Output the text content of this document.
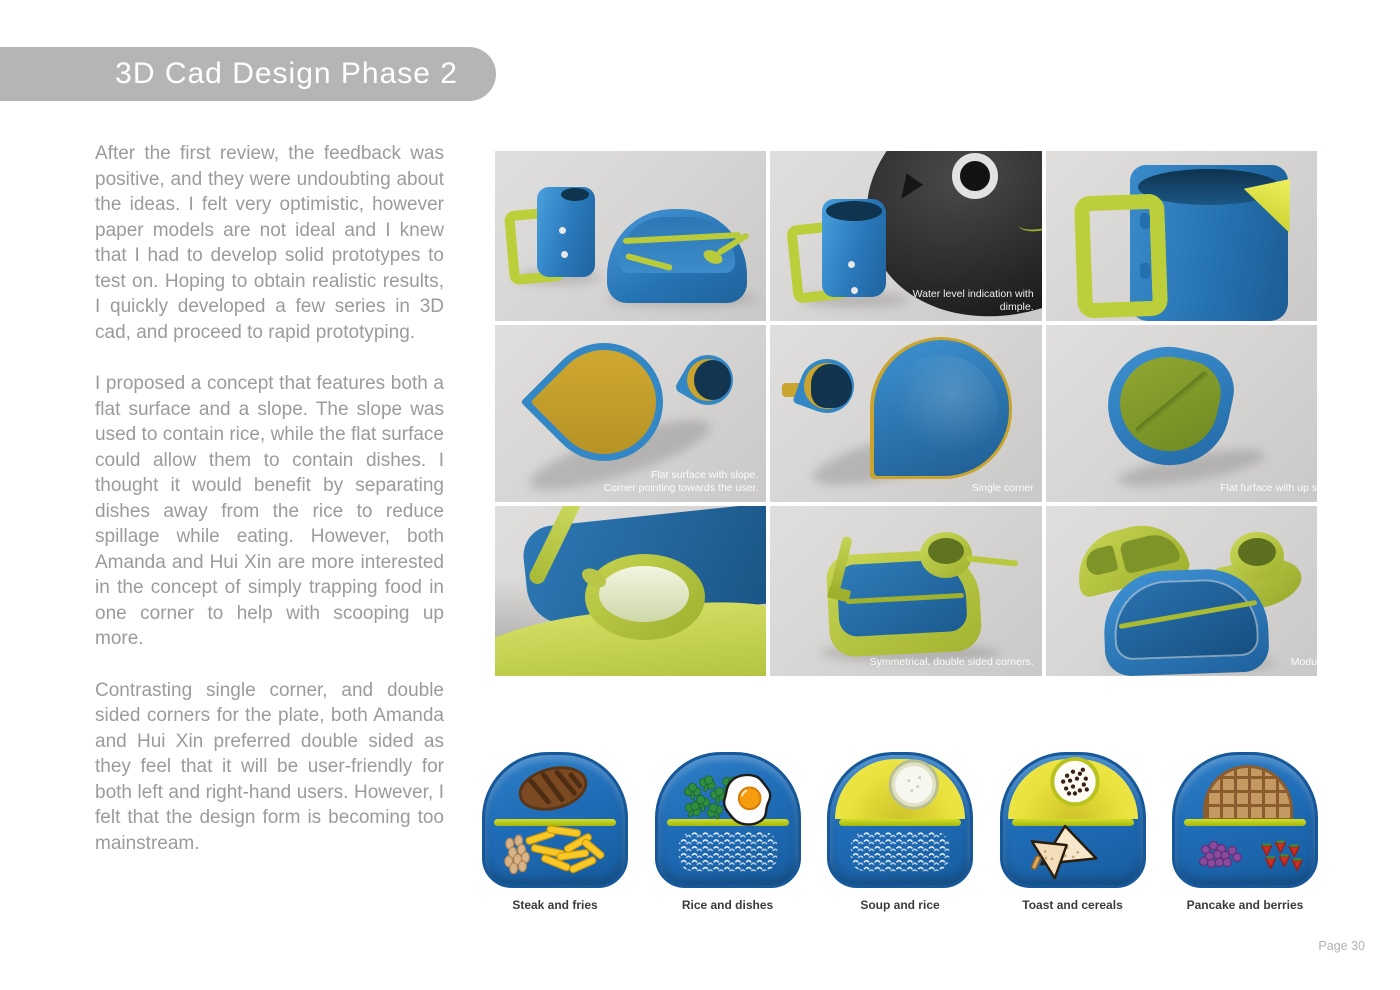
3D Cad Design Phase 2

After the first review, the feedback was positive, and they were undoubting about the ideas. I felt very optimistic, however paper models are not ideal and I knew that I had to develop solid prototypes to test on. Hoping to obtain realistic results, I quickly developed a few series in 3D cad, and proceed to rapid prototyping.

I proposed a concept that features both a flat surface and a slope. The slope was used to contain rice, while the flat surface could allow them to contain dishes. I thought it would benefit by separating dishes away from the rice to reduce spillage while eating. However, both Amanda and Hui Xin are more interested in the concept of simply trapping food in one corner to help with scooping up more.

Contrasting single corner, and double sided corners for the plate, both Amanda and Hui Xin preferred double sided as they feel that it will be user-friendly for both left and right-hand users. However, I felt that the design form is becoming too mainstream.

Water level indication with
dimple.
Flat surface with slope.
Corner pointing towards the user.	Single corner	Flat furface with up s
Symmetrical, double sided corners.	Modu
Steak and fries	Rice and dishes	Soup and rice	Toast and cereals	Pancake and berries
Page 30
